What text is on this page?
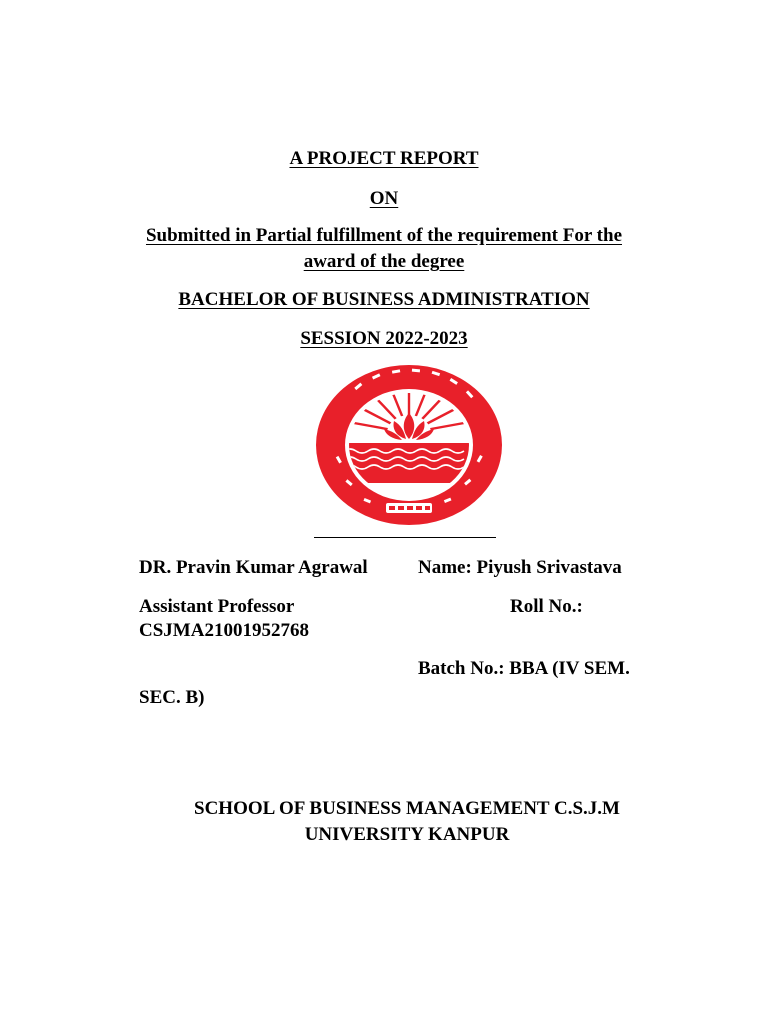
A PROJECT REPORT

ON

Submitted in Partial fulfillment of the requirement For the

award of the degree

BACHELOR OF BUSINESS ADMINISTRATION

SESSION 2022-2023

DR. Pravin Kumar Agrawal	Name: Piyush Srivastava

Assistant Professor	Roll No.:

CSJMA21001952768

Batch No.: BBA (IV SEM.

SEC. B)

SCHOOL OF BUSINESS MANAGEMENT C.S.J.M
UNIVERSITY KANPUR
